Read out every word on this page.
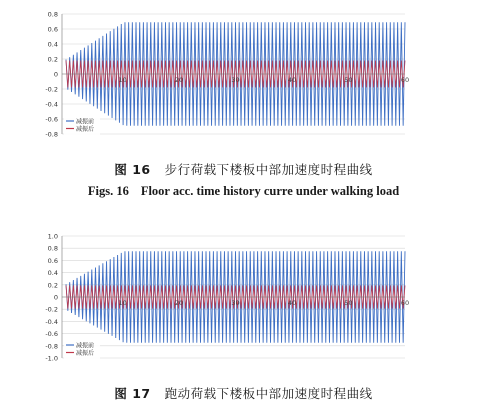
0.8
0.6
0.4
0.2
0
-0.2
-0.4
-0.6
-0.8
10	20	30	40	50	60
减振前
减振后
图 16 步行荷载下楼板中部加速度时程曲线
Figs. 16 Floor acc. time history curre under walking load
1.0
0.8
0.6
0.4
0.2
0
-0.2
-0.4
-0.6
-0.8
-1.0
10	20	30	40	50	60
减振前
减振后
图 17 跑动荷载下楼板中部加速度时程曲线
